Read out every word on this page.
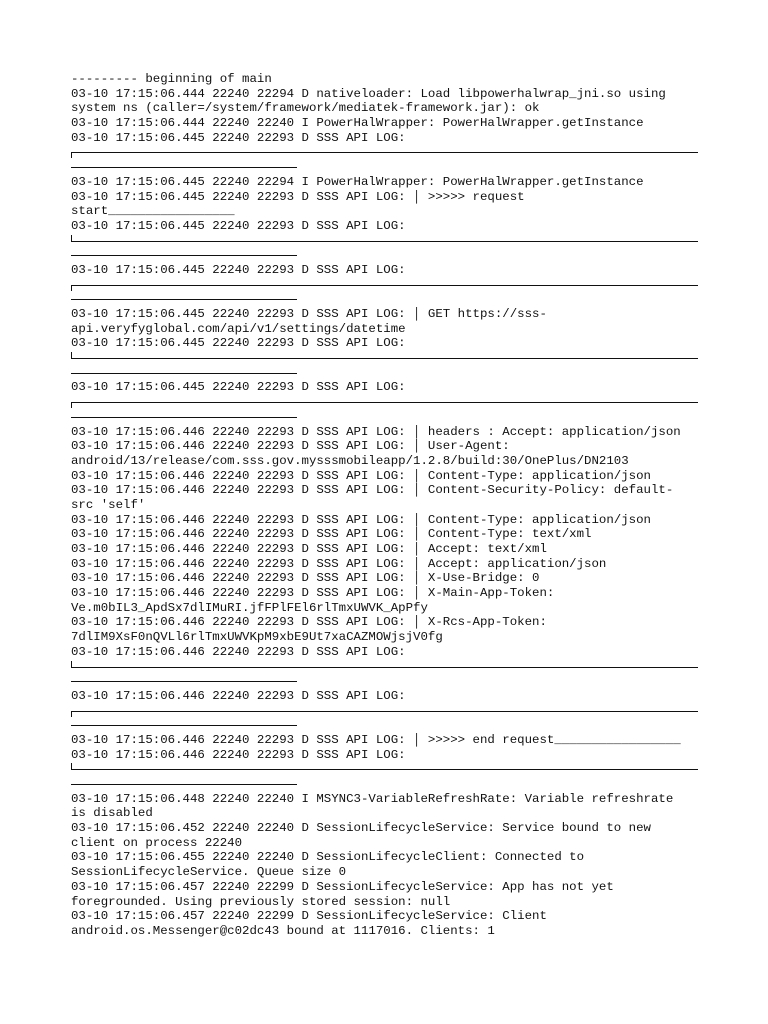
--------- beginning of main
03-10 17:15:06.444 22240 22294 D nativeloader: Load libpowerhalwrap_jni.so using
system ns (caller=/system/framework/mediatek-framework.jar): ok
03-10 17:15:06.444 22240 22240 I PowerHalWrapper: PowerHalWrapper.getInstance
03-10 17:15:06.445 22240 22293 D SSS API LOG:
03-10 17:15:06.445 22240 22294 I PowerHalWrapper: PowerHalWrapper.getInstance
03-10 17:15:06.445 22240 22293 D SSS API LOG: │ >>>>> request
start_________________
03-10 17:15:06.445 22240 22293 D SSS API LOG:
03-10 17:15:06.445 22240 22293 D SSS API LOG:
03-10 17:15:06.445 22240 22293 D SSS API LOG: │ GET https://sss-
api.veryfyglobal.com/api/v1/settings/datetime
03-10 17:15:06.445 22240 22293 D SSS API LOG:
03-10 17:15:06.445 22240 22293 D SSS API LOG:
03-10 17:15:06.446 22240 22293 D SSS API LOG: │ headers : Accept: application/json
03-10 17:15:06.446 22240 22293 D SSS API LOG: │ User-Agent:
android/13/release/com.sss.gov.mysssmobileapp/1.2.8/build:30/OnePlus/DN2103
03-10 17:15:06.446 22240 22293 D SSS API LOG: │ Content-Type: application/json
03-10 17:15:06.446 22240 22293 D SSS API LOG: │ Content-Security-Policy: default-
src 'self'
03-10 17:15:06.446 22240 22293 D SSS API LOG: │ Content-Type: application/json
03-10 17:15:06.446 22240 22293 D SSS API LOG: │ Content-Type: text/xml
03-10 17:15:06.446 22240 22293 D SSS API LOG: │ Accept: text/xml
03-10 17:15:06.446 22240 22293 D SSS API LOG: │ Accept: application/json
03-10 17:15:06.446 22240 22293 D SSS API LOG: │ X-Use-Bridge: 0
03-10 17:15:06.446 22240 22293 D SSS API LOG: │ X-Main-App-Token:
Ve.m0bIL3_ApdSx7dlIMuRI.jfFPlFEl6rlTmxUWVK_ApPfy
03-10 17:15:06.446 22240 22293 D SSS API LOG: │ X-Rcs-App-Token:
7dlIM9XsF0nQVLl6rlTmxUWVKpM9xbE9Ut7xaCAZMOWjsjV0fg
03-10 17:15:06.446 22240 22293 D SSS API LOG:
03-10 17:15:06.446 22240 22293 D SSS API LOG:
03-10 17:15:06.446 22240 22293 D SSS API LOG: │ >>>>> end request_________________
03-10 17:15:06.446 22240 22293 D SSS API LOG:
03-10 17:15:06.448 22240 22240 I MSYNC3-VariableRefreshRate: Variable refreshrate
is disabled
03-10 17:15:06.452 22240 22240 D SessionLifecycleService: Service bound to new
client on process 22240
03-10 17:15:06.455 22240 22240 D SessionLifecycleClient: Connected to
SessionLifecycleService. Queue size 0
03-10 17:15:06.457 22240 22299 D SessionLifecycleService: App has not yet
foregrounded. Using previously stored session: null
03-10 17:15:06.457 22240 22299 D SessionLifecycleService: Client
android.os.Messenger@c02dc43 bound at 1117016. Clients: 1
